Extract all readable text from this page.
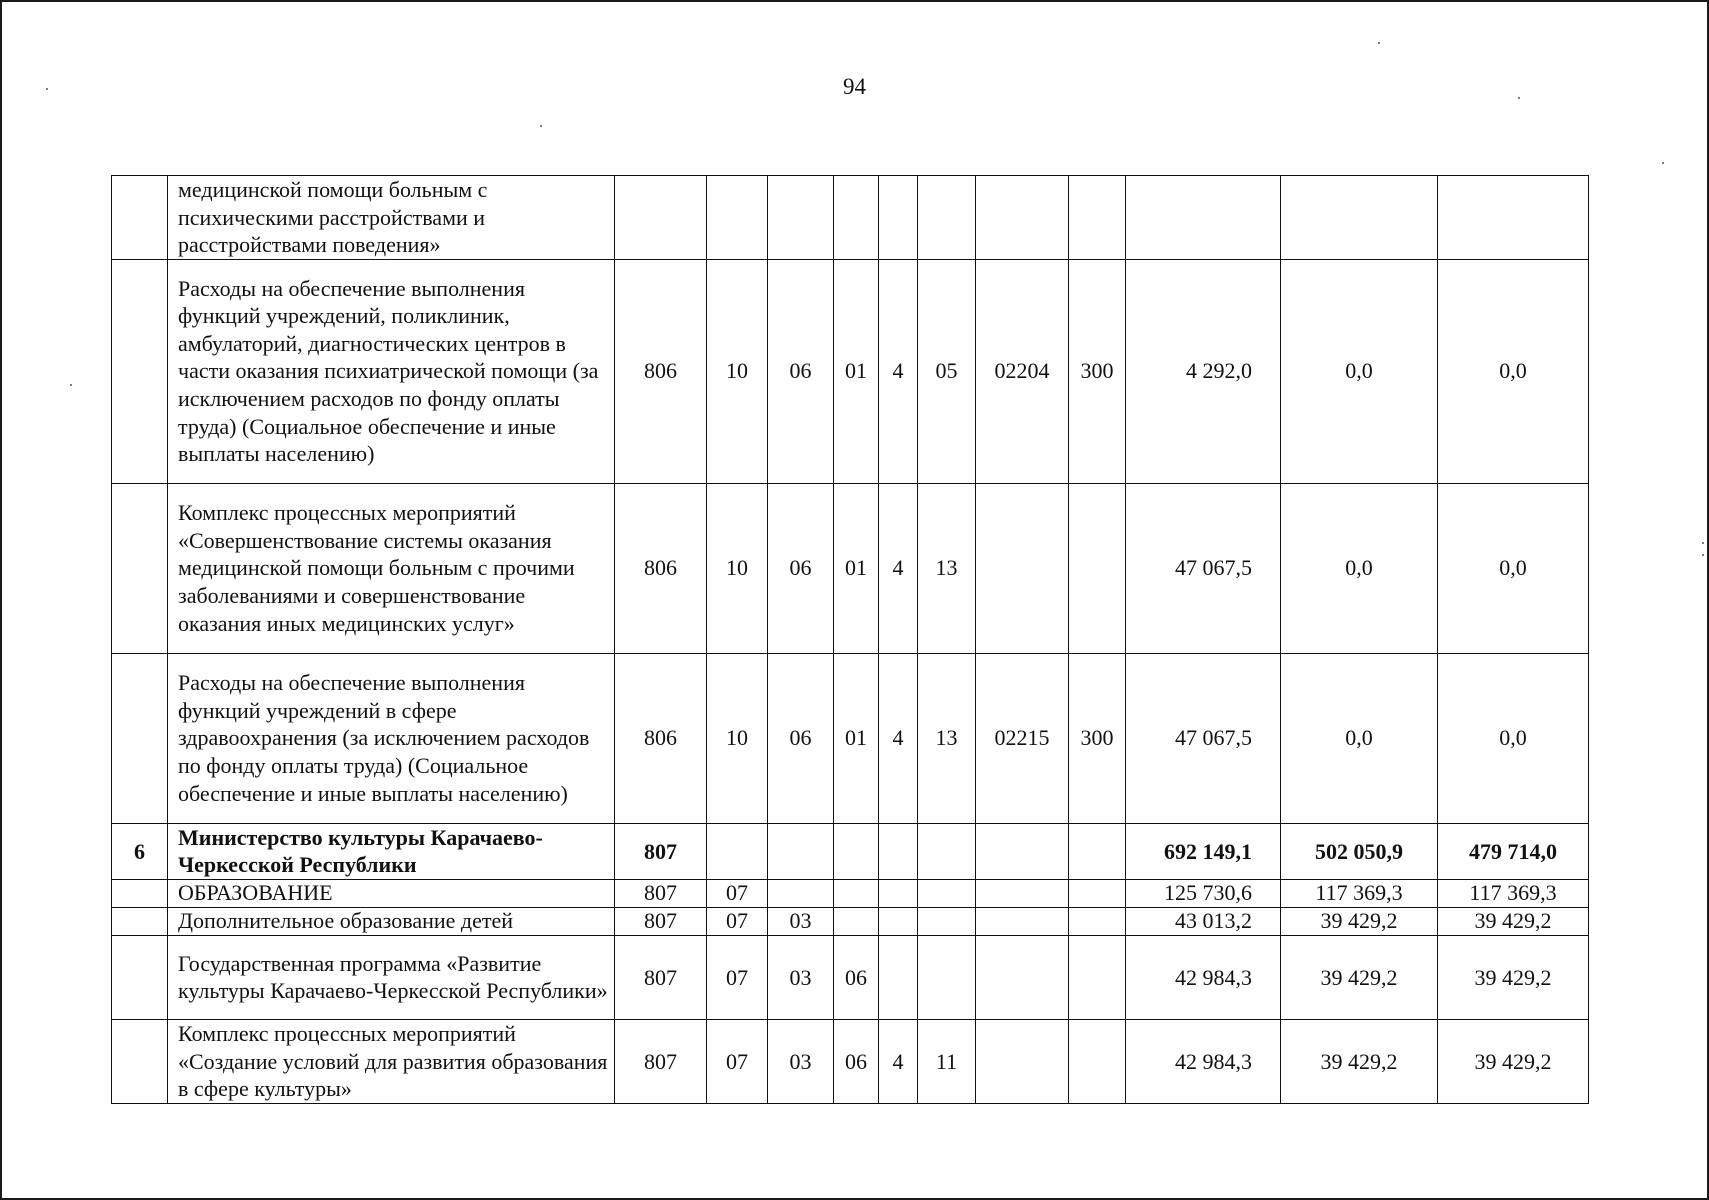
94
	медицинской помощи больным с психическими расстройствами и расстройствами поведения»											
	Расходы на обеспечение выполнения функций учреждений, поликлиник, амбулаторий, диагностических центров в части оказания психиатрической помощи (за исключением расходов по фонду оплаты труда) (Социальное обеспечение и иные выплаты населению)	806	10	06	01	4	05	02204	300	4 292,0	0,0	0,0
	Комплекс процессных мероприятий «Совершенствование системы оказания медицинской помощи больным с прочими заболеваниями и совершенствование оказания иных медицинских услуг»	806	10	06	01	4	13			47 067,5	0,0	0,0
	Расходы на обеспечение выполнения функций учреждений в сфере здравоохранения (за исключением расходов по фонду оплаты труда) (Социальное обеспечение и иные выплаты населению)	806	10	06	01	4	13	02215	300	47 067,5	0,0	0,0
6	Министерство культуры Карачаево-Черкесской Республики	807								692 149,1	502 050,9	479 714,0
	ОБРАЗОВАНИЕ	807	07							125 730,6	117 369,3	117 369,3
	Дополнительное образование детей	807	07	03						43 013,2	39 429,2	39 429,2
	Государственная программа «Развитие культуры Карачаево-Черкесской Республики»	807	07	03	06					42 984,3	39 429,2	39 429,2
	Комплекс процессных мероприятий «Создание условий для развития образования в сфере культуры»	807	07	03	06	4	11			42 984,3	39 429,2	39 429,2
